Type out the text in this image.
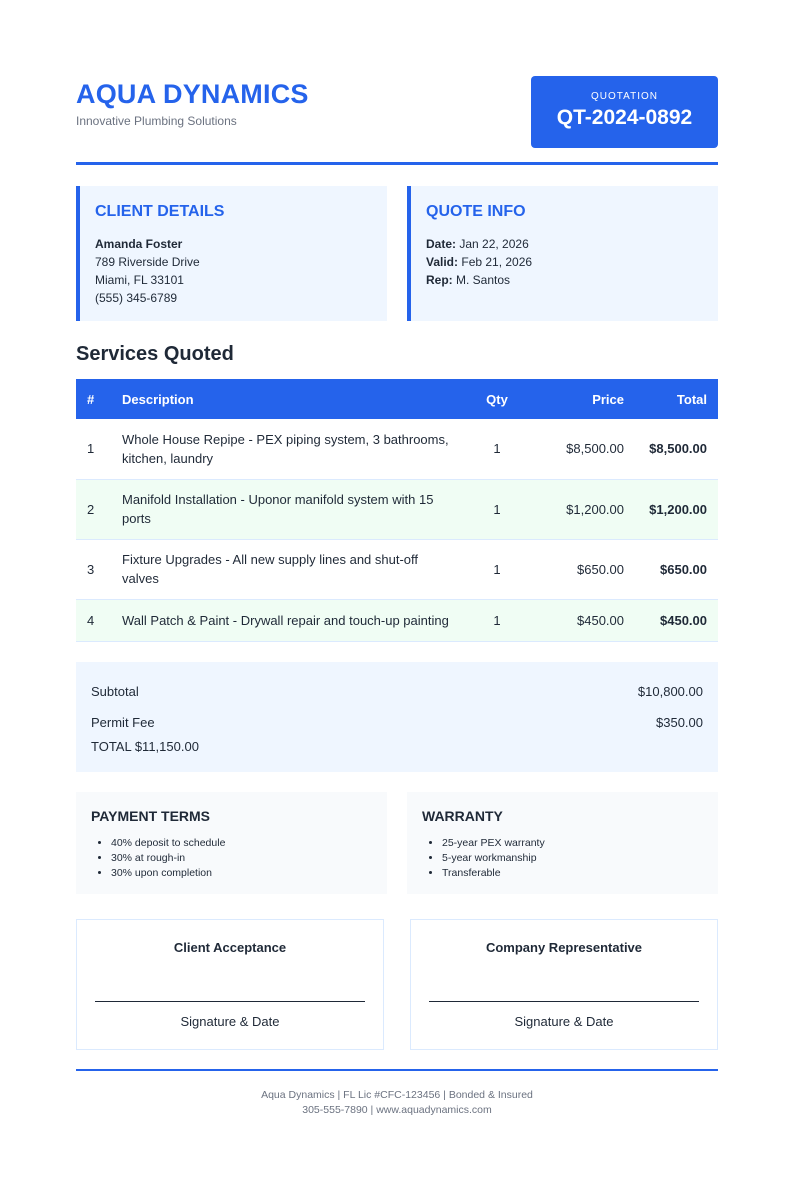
AQUA DYNAMICS
Innovative Plumbing Solutions
QUOTATION
QT-2024-0892
CLIENT DETAILS
Amanda Foster
789 Riverside Drive
Miami, FL 33101
(555) 345-6789
QUOTE INFO
Date: Jan 22, 2026
Valid: Feb 21, 2026
Rep: M. Santos
Services Quoted
#	Description	Qty	Price	Total
1	Whole House Repipe - PEX piping system, 3 bathrooms, kitchen, laundry	1	$8,500.00	$8,500.00
2	Manifold Installation - Uponor manifold system with 15 ports	1	$1,200.00	$1,200.00
3	Fixture Upgrades - All new supply lines and shut-off valves	1	$650.00	$650.00
4	Wall Patch & Paint - Drywall repair and touch-up painting	1	$450.00	$450.00
Subtotal	$10,800.00
Permit Fee	$350.00
TOTAL $11,150.00
PAYMENT TERMS
• 40% deposit to schedule
• 30% at rough-in
• 30% upon completion
WARRANTY
• 25-year PEX warranty
• 5-year workmanship
• Transferable
Client Acceptance
Signature & Date
Company Representative
Signature & Date
Aqua Dynamics | FL Lic #CFC-123456 | Bonded & Insured
305-555-7890 | www.aquadynamics.com
